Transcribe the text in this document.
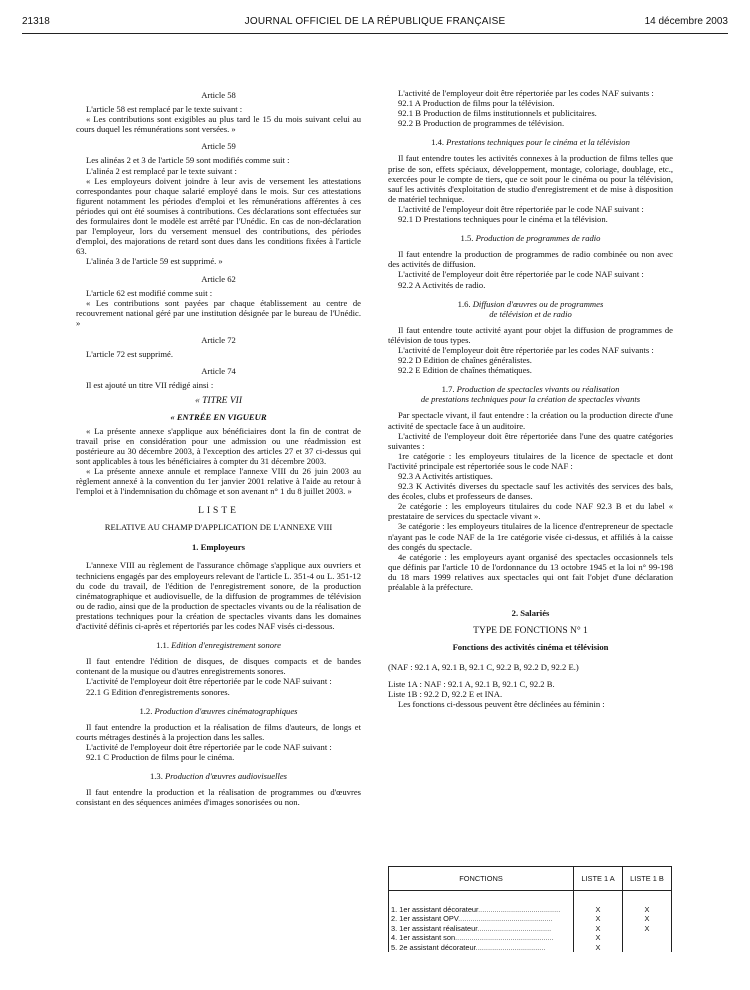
21318	JOURNAL OFFICIEL DE LA RÉPUBLIQUE FRANÇAISE	14 décembre 2003
Article 58

L'article 58 est remplacé par le texte suivant :

« Les contributions sont exigibles au plus tard le 15 du mois suivant celui au cours duquel les rémunérations sont versées. »

Article 59

Les alinéas 2 et 3 de l'article 59 sont modifiés comme suit :

L'alinéa 2 est remplacé par le texte suivant :

« Les employeurs doivent joindre à leur avis de versement les attestations correspondantes pour chaque salarié employé dans le mois. Sur ces attestations figurent notamment les périodes d'emploi et les rémunérations afférentes à ces périodes qui ont été soumises à contributions. Ces déclarations sont effectuées sur des formulaires dont le modèle est arrêté par l'Unédic. En cas de non-déclaration par l'employeur, lors du versement mensuel des contributions, des périodes d'emploi, des majorations de retard sont dues dans les conditions fixées à l'article 63.

L'alinéa 3 de l'article 59 est supprimé. »

Article 62

L'article 62 est modifié comme suit :

« Les contributions sont payées par chaque établissement au centre de recouvrement national géré par une institution désignée par le bureau de l'Unédic. »

Article 72

L'article 72 est supprimé.

Article 74

Il est ajouté un titre VII rédigé ainsi :

« TITRE VII
« ENTRÉE EN VIGUEUR

« La présente annexe s'applique aux bénéficiaires dont la fin de contrat de travail prise en considération pour une admission ou une réadmission est postérieure au 30 décembre 2003, à l'exception des articles 27 et 37 ci-dessus qui sont applicables à tous les bénéficiaires à compter du 31 décembre 2003.

« La présente annexe annule et remplace l'annexe VIII du 26 juin 2003 au règlement annexé à la convention du 1er janvier 2001 relative à l'aide au retour à l'emploi et à l'indemnisation du chômage et son avenant n° 1 du 8 juillet 2003. »

LISTE
RELATIVE AU CHAMP D'APPLICATION DE L'ANNEXE VIII
1. Employeurs

L'annexe VIII au règlement de l'assurance chômage s'applique aux ouvriers et techniciens engagés par des employeurs relevant de l'article L. 351-4 ou L. 351-12 du code du travail, de l'édition de l'enregistrement sonore, de la production cinématographique et audiovisuelle, de la diffusion de programmes de télévision ou de radio, ainsi que de la production de spectacles vivants ou de la réalisation de prestations techniques pour la création de spectacles vivants dans les domaines d'activité définis ci-après et répertoriés par les codes NAF visés ci-dessous.

1.1. Edition d'enregistrement sonore

Il faut entendre l'édition de disques, de disques compacts et de bandes contenant de la musique ou d'autres enregistrements sonores.

L'activité de l'employeur doit être répertoriée par le code NAF suivant :

22.1 G Edition d'enregistrements sonores.

1.2. Production d'œuvres cinématographiques

Il faut entendre la production et la réalisation de films d'auteurs, de longs et courts métrages destinés à la projection dans les salles.

L'activité de l'employeur doit être répertoriée par le code NAF suivant :

92.1 C Production de films pour le cinéma.

1.3. Production d'œuvres audiovisuelles

Il faut entendre la production et la réalisation de programmes ou d'œuvres consistant en des séquences animées d'images sonorisées ou non.

L'activité de l'employeur doit être répertoriée par les codes NAF suivants :

92.1 A Production de films pour la télévision.

92.1 B Production de films institutionnels et publicitaires.

92.2 B Production de programmes de télévision.

1.4. Prestations techniques pour le cinéma et la télévision

Il faut entendre toutes les activités connexes à la production de films telles que prise de son, effets spéciaux, développement, montage, coloriage, doublage, etc., exercées pour le compte de tiers, que ce soit pour le cinéma ou pour la télévision, sauf les activités d'exploitation de studio d'enregistrement et de mise à disposition de matériel technique.

L'activité de l'employeur doit être répertoriée par le code NAF suivant :

92.1 D Prestations techniques pour le cinéma et la télévision.

1.5. Production de programmes de radio

Il faut entendre la production de programmes de radio combinée ou non avec des activités de diffusion.

L'activité de l'employeur doit être répertoriée par le code NAF suivant :

92.2 A Activités de radio.

1.6. Diffusion d'œuvres ou de programmes
de télévision et de radio

Il faut entendre toute activité ayant pour objet la diffusion de programmes de télévision de tous types.

L'activité de l'employeur doit être répertoriée par les codes NAF suivants :

92.2 D Edition de chaînes généralistes.

92.2 E Edition de chaînes thématiques.

1.7. Production de spectacles vivants ou réalisation
de prestations techniques pour la création de spectacles vivants

Par spectacle vivant, il faut entendre : la création ou la production directe d'une activité de spectacle face à un auditoire.

L'activité de l'employeur doit être répertoriée dans l'une des quatre catégories suivantes :

1re catégorie : les employeurs titulaires de la licence de spectacle et dont l'activité principale est répertoriée sous le code NAF :

92.3 A Activités artistiques.

92.3 K Activités diverses du spectacle sauf les activités des services des bals, des écoles, clubs et professeurs de danses.

2e catégorie : les employeurs titulaires du code NAF 92.3 B et du label « prestataire de services du spectacle vivant ».

3e catégorie : les employeurs titulaires de la licence d'entrepreneur de spectacle n'ayant pas le code NAF de la 1re catégorie visée ci-dessus, et affiliés à la caisse des congés du spectacle.

4e catégorie : les employeurs ayant organisé des spectacles occasionnels tels que définis par l'article 10 de l'ordonnance du 13 octobre 1945 et la loi n° 99-198 du 18 mars 1999 relatives aux spectacles qui ont fait l'objet d'une déclaration préalable à la préfecture.

2. Salariés
TYPE DE FONCTIONS N° 1
Fonctions des activités cinéma et télévision

(NAF : 92.1 A, 92.1 B, 92.1 C, 92.2 B, 92.2 D, 92.2 E.)

Liste 1A : NAF : 92.1 A, 92.1 B, 92.1 C, 92.2 B.

Liste 1B : 92.2 D, 92.2 E et INA.

Les fonctions ci-dessous peuvent être déclinées au féminin :

FONCTIONS	LISTE 1 A	LISTE 1 B
1. 1er assistant décorateur........................................	X	X
2. 1er assistant OPV..............................................	X	X
3. 1er assistant réalisateur....................................	X	X
4. 1er assistant son................................................	X	
5. 2e assistant décorateur..................................	X	
